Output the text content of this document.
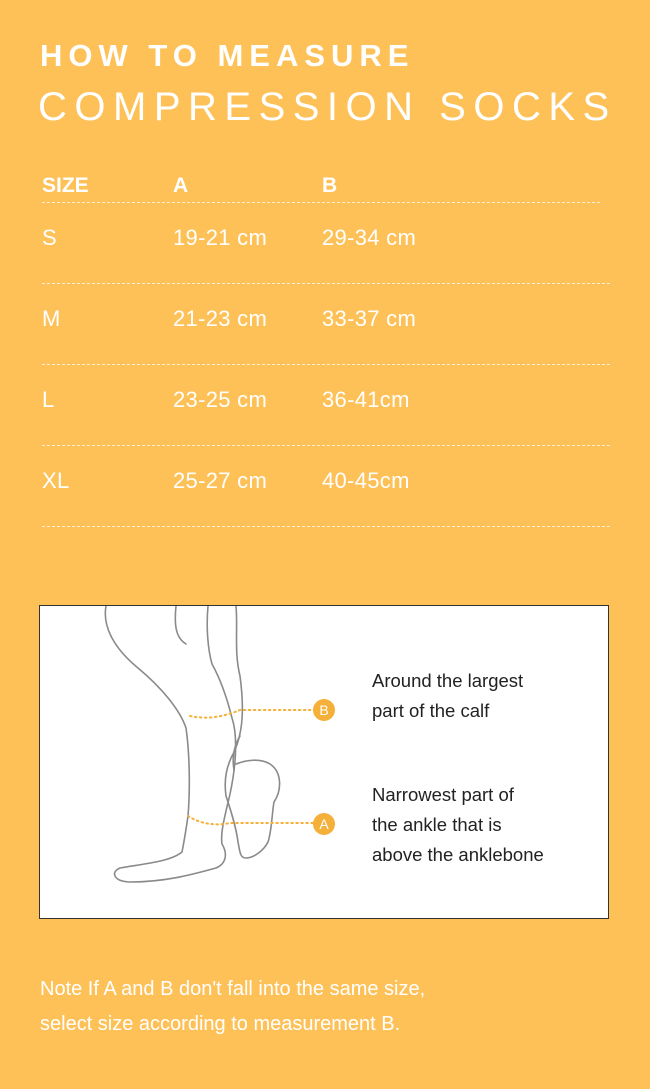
HOW TO MEASURE
COMPRESSION SOCKS
SIZE	A	B
S	19-21 cm 29-34 cm
M	21-23 cm 33-37 cm
L	23-25 cm 36-41cm
XL	25-27 cm 40-45cm
B
A
Around the largest
part of the calf
Narrowest part of
the ankle that is
above the anklebone
Note If A and B don't fall into the same size,
select size according to measurement B.
